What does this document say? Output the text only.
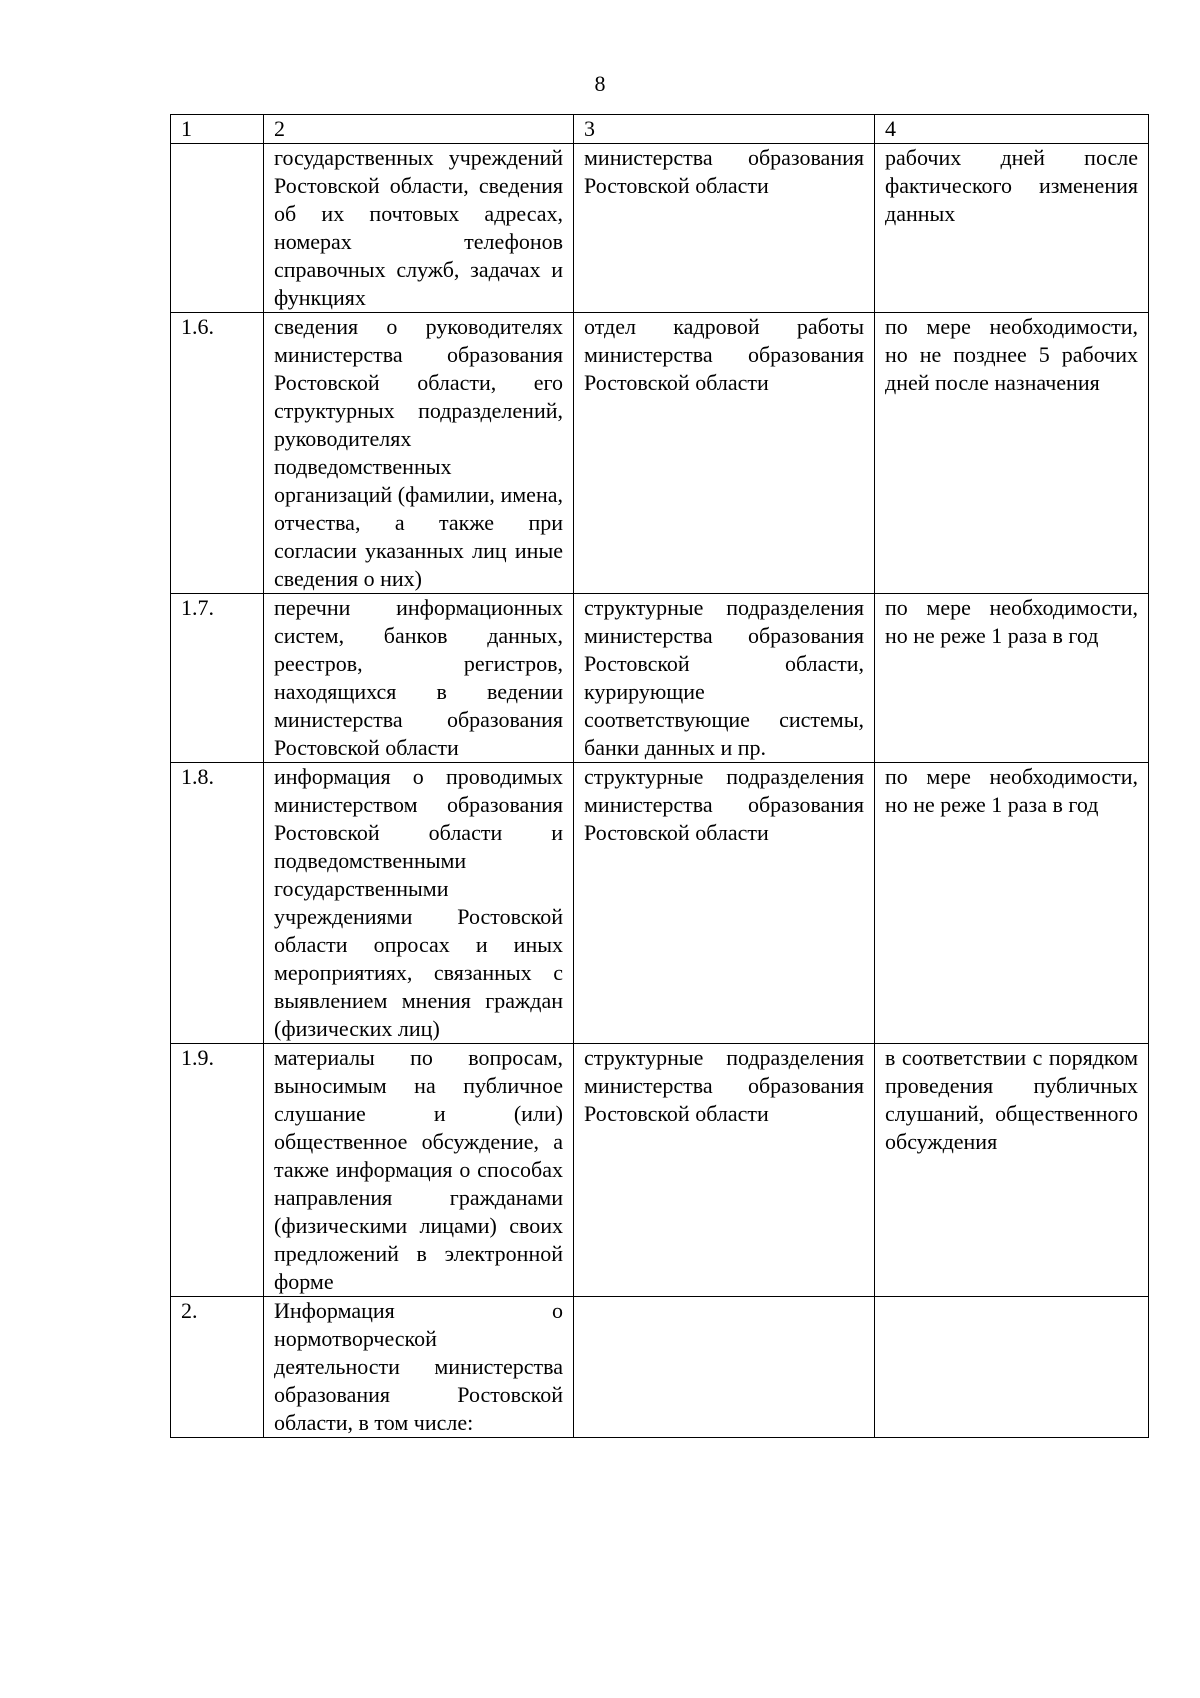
8
1	2	3	4
	государственных учреждений Ростовской области, сведения об их почтовых адресах, номерах телефонов справочных служб, задачах и функциях	министерства образования Ростовской области	рабочих дней после фактического изменения данных
1.6.	сведения о руководителях министерства образования Ростовской области, его структурных подразделений, руководителях подведомственных организаций (фамилии, имена, отчества, а также при согласии указанных лиц иные сведения о них)	отдел кадровой работы министерства образования Ростовской области	по мере необходимости, но не позднее 5 рабочих дней после назначения
1.7.	перечни информационных систем, банков данных, реестров, регистров, находящихся в ведении министерства образования Ростовской области	структурные подразделения министерства образования Ростовской области, курирующие соответствующие системы, банки данных и пр.	по мере необходимости, но не реже 1 раза в год
1.8.	информация о проводимых министерством образования Ростовской области и подведомственными государственными учреждениями Ростовской области опросах и иных мероприятиях, связанных с выявлением мнения граждан (физических лиц)	структурные подразделения министерства образования Ростовской области	по мере необходимости, но не реже 1 раза в год
1.9.	материалы по вопросам, выносимым на публичное слушание и (или) общественное обсуждение, а также информация о способах направления гражданами (физическими лицами) своих предложений в электронной форме	структурные подразделения министерства образования Ростовской области	в соответствии с порядком проведения публичных слушаний, общественного обсуждения
2.	Информация о нормотворческой деятельности министерства образования Ростовской области, в том числе:		
